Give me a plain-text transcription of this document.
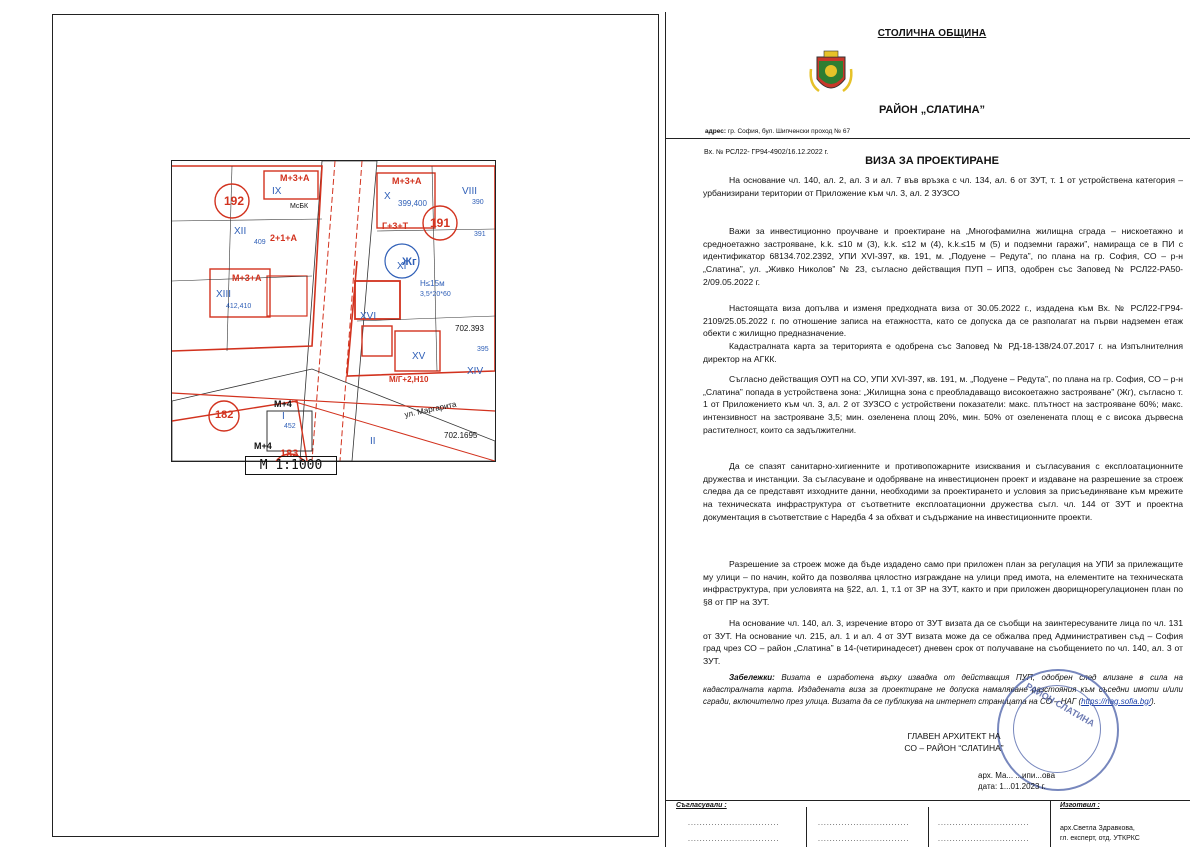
192
191
182
183
IX	X
XII
XIII
XI
VIII
XIV
XVI
XV
II
I
М+3+А	М+3+А
М+3+А
Г+3+Т
2+1+А
М+4
М+4
М/Г+2,Н10
Жг
Н≤15м
3,5*20*60
ул. Маргарита
702.1695
702.393
399,400
409
412,410
452
390
391
395
МсБК
M 1:1000
СТОЛИЧНА ОБЩИНА
РАЙОН „СЛАТИНА”
адрес: гр. София, бул. Шипченски проход № 67
Вх. № РСЛ22- ГР94-4902/16.12.2022 г.
ВИЗА ЗА ПРОЕКТИРАНЕ

На основание чл. 140, ал. 2, ал. 3 и ал. 7 във връзка с чл. 134, ал. 6 от ЗУТ, т. 1 от устройствена категория – урбанизирани територии от Приложение към чл. 3, ал. 2 ЗУЗСО

Важи за инвестиционно проучване и проектиране на „Многофамилна жилищна сграда – нискоетажно и средноетажно застрояване, k.k. ≤10 м (3), k.k. ≤12 м (4), k.k.≤15 м (5) и подземни гаражи”, намираща се в ПИ с идентификатор 68134.702.2392, УПИ XVI-397, кв. 191, м. „Подуене – Редута”, по плана на гр. София, СО – р-н „Слатина”, ул. „Живко Николов” № 23, съгласно действащия ПУП – ИПЗ, одобрен със Заповед № РСЛ22-РА50-2/09.05.2022 г.

Настоящата виза допълва и изменя предходната виза от 30.05.2022 г., издадена към Вх. № РСЛ22-ГР94-2109/25.05.2022 г. по отношение записа на етажността, като се допуска да се разполагат на първи надземен етаж обекти с жилищно предназначение.

Кадастралната карта за територията е одобрена със Заповед № РД-18-138/24.07.2017 г. на Изпълнителния директор на АГКК.

Съгласно действащия ОУП на СО, УПИ XVI-397, кв. 191, м. „Подуене – Редута”, по плана на гр. София, СО – р-н „Слатина” попада в устройствена зона: „Жилищна зона с преобладаващо високоетажно застрояване” (Жг), съгласно т. 1 от Приложението към чл. 3, ал. 2 от ЗУЗСО с устройствени показатели: макс. плътност на застрояване 60%; макс. интензивност на застрояване 3,5; мин. озеленена площ 20%, мин. 50% от озеленената площ е с висока дървесна растителност, които са задължителни.

Да се спазят санитарно-хигиенните и противопожарните изисквания и съгласувания с експлоатационните дружества и инстанции. За съгласуване и одобряване на инвестиционен проект и издаване на разрешение за строеж следва да се представят изходните данни, необходими за проектирането и условия за присъединяване към мрежите на техническата инфраструктура от съответните експлоатационни дружества съгл. чл. 144 от ЗУТ и проектна документация в съответствие с Наредба 4 за обхват и съдържание на инвестиционните проекти.

Разрешение за строеж може да бъде издадено само при приложен план за регулация на УПИ за прилежащите му улици – по начин, който да позволява цялостно изграждане на улици пред имота, на елементите на техническата инфраструктура, при условията на §22, ал. 1, т.1 от ЗР на ЗУТ, както и при приложен дворищнорегулационен план по §8 от ПР на ЗУТ.

На основание чл. 140, ал. 3, изречение второ от ЗУТ визата да се съобщи на заинтересуваните лица по чл. 131 от ЗУТ. На основание чл. 215, ал. 1 и ал. 4 от ЗУТ визата може да се обжалва пред Административен съд – София град чрез СО – район „Слатина” в 14-(четиринадесет) дневен срок от получаване на съобщението по чл. 140, ал. 3 от ЗУТ.

Забележки: Визата е изработена върху извадка от действащия ПУП, одобрен след влизане в сила на кадастралната карта. Издадената виза за проектиране не допуска намаляване разстояния към съседни имоти и/или сгради, включително през улица. Визата да се публикува на интернет страницата на СО – НАГ (https://nag.sofia.bg/).
РАЙОН СЛАТИНА
ГЛАВЕН АРХИТЕКТ НА
СО – РАЙОН “СЛАТИНА”
арх. Ма... ...ипи...ова
дата: 1...01.2023 г.
Съгласували :
...............................
...............................
...............................
...............................
...............................
...............................
Изготвил :
арх.Светла Здравкова,
гл. експерт, отд. УТКРКС
